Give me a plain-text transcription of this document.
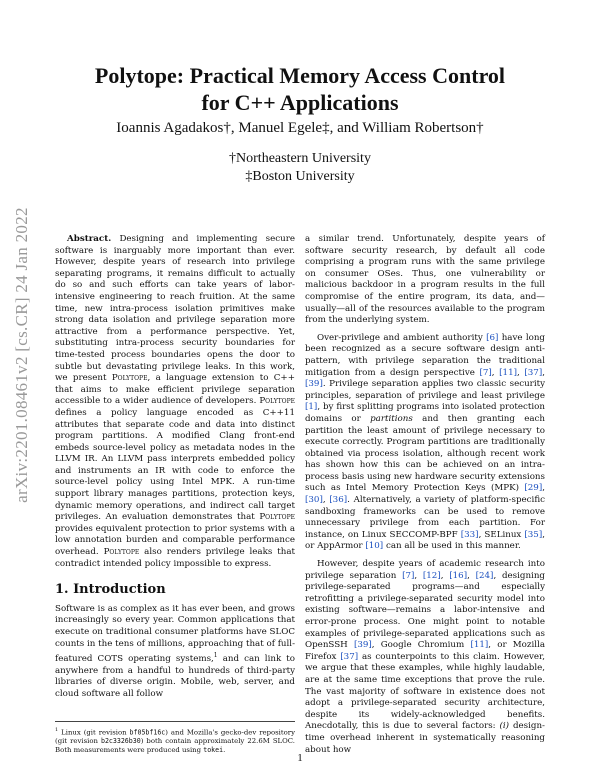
arXiv:2201.08461v2 [cs.CR] 24 Jan 2022
Polytope: Practical Memory Access Control
for C++ Applications
Ioannis Agadakos†, Manuel Egele‡, and William Robertson†
†Northeastern University
‡Boston University

Abstract. Designing and implementing secure software is inarguably more important than ever. However, despite years of research into privilege separating programs, it remains difficult to actually do so and such efforts can take years of labor-intensive engineering to reach fruition. At the same time, new intra-process isolation primitives make strong data isolation and privilege separation more attractive from a performance perspective. Yet, substituting intra-process security boundaries for time-tested process boundaries opens the door to subtle but devastating privilege leaks. In this work, we present Polytope, a language extension to C++ that aims to make efficient privilege separation accessible to a wider audience of developers. Polytope defines a policy language encoded as C++11 attributes that separate code and data into distinct program partitions. A modified Clang front-end embeds source-level policy as metadata nodes in the LLVM IR. An LLVM pass interprets embedded policy and instruments an IR with code to enforce the source-level policy using Intel MPK. A run-time support library manages partitions, protection keys, dynamic memory operations, and indirect call target privileges. An evaluation demonstrates that Polytope provides equivalent protection to prior systems with a low annotation burden and comparable performance overhead. Polytope also renders privilege leaks that contradict intended policy impossible to express.

1. Introduction

Software is as complex as it has ever been, and grows increasingly so every year. Common applications that execute on traditional consumer platforms have SLOC counts in the tens of millions, approaching that of full-featured COTS operating systems,$^1$ and can link to anywhere from a handful to hundreds of third-party libraries of diverse origin. Mobile, web, server, and cloud software all follow

a similar trend. Unfortunately, despite years of software security research, by default all code comprising a program runs with the same privilege on consumer OSes. Thus, one vulnerability or malicious backdoor in a program results in the full compromise of the entire program, its data, and—usually—all of the resources available to the program from the underlying system.

Over-privilege and ambient authority [6] have long been recognized as a secure software design anti-pattern, with privilege separation the traditional mitigation from a design perspective [7], [11], [37], [39]. Privilege separation applies two classic security principles, separation of privilege and least privilege [1], by first splitting programs into isolated protection domains or partitions and then granting each partition the least amount of privilege necessary to execute correctly. Program partitions are traditionally obtained via process isolation, although recent work has shown how this can be achieved on an intra-process basis using new hardware security extensions such as Intel Memory Protection Keys (MPK) [29], [30], [36]. Alternatively, a variety of platform-specific sandboxing frameworks can be used to remove unnecessary privilege from each partition. For instance, on Linux SECCOMP-BPF [33], SELinux [35], or AppArmor [10] can all be used in this manner.

However, despite years of academic research into privilege separation [7], [12], [16], [24], designing privilege-separated programs—and especially retrofitting a privilege-separated security model into existing software—remains a labor-intensive and error-prone process. One might point to notable examples of privilege-separated applications such as OpenSSH [39], Google Chromium [11], or Mozilla Firefox [37] as counterpoints to this claim. However, we argue that these examples, while highly laudable, are at the same time exceptions that prove the rule. The vast majority of software in existence does not adopt a privilege-separated security architecture, despite its widely-acknowledged benefits. Anecdotally, this is due to several factors: (i) design-time overhead inherent in systematically reasoning about how

$^1$ Linux (git revision bf05bf16c) and Mozilla's gecko-dev repository (git revision b2c3326b30) both contain approximately 22.6M SLOC. Both measurements were produced using tokei.
1
